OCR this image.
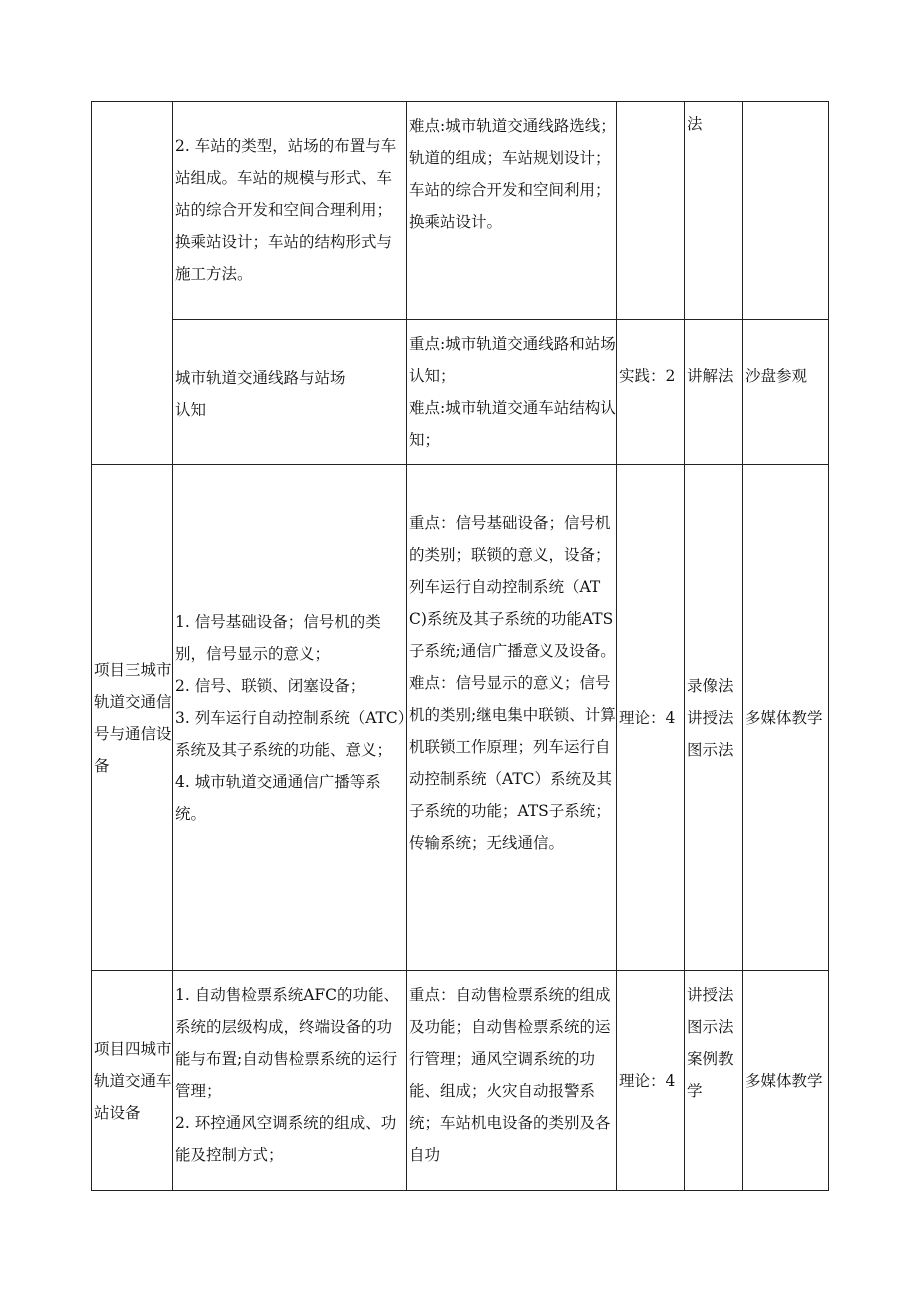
	2. 车站的类型，站场的布置与车站组成。车站的规模与形式、车站的综合开发和空间合理利用；换乘站设计；车站的结构形式与施工方法。	难点:城市轨道交通线路选线；轨道的组成；车站规划设计；车站的综合开发和空间利用；换乘站设计。		法	

	城市轨道交通线路与站场
认知	重点:城市轨道交通线路和站场认知；
难点:城市轨道交通车站结构认知；	实践：2	讲解法	沙盘参观

项目三城市轨道交通信号与通信设备	1. 信号基础设备；信号机的类别，信号显示的意义；
2. 信号、联锁、闭塞设备；
3. 列车运行自动控制系统（ATC）系统及其子系统的功能、意义；
4. 城市轨道交通通信广播等系统。	重点：信号基础设备；信号机的类别；联锁的意义，设备；列车运行自动控制系统（ATC)系统及其子系统的功能ATS子系统;通信广播意义及设备。
难点：信号显示的意义；信号机的类别;继电集中联锁、计算机联锁工作原理；列车运行自动控制系统（ATC）系统及其子系统的功能；ATS子系统；传输系统；无线通信。	理论：4	录像法讲授法图示法	多媒体教学

项目四城市轨道交通车站设备	1. 自动售检票系统AFC的功能、系统的层级构成，终端设备的功能与布置;自动售检票系统的运行管理；
2. 环控通风空调系统的组成、功能及控制方式；	重点：自动售检票系统的组成及功能；自动售检票系统的运行管理；通风空调系统的功能、组成；火灾自动报警系统；车站机电设备的类别及各自功	理论：4	讲授法图示法案例教学	多媒体教学
